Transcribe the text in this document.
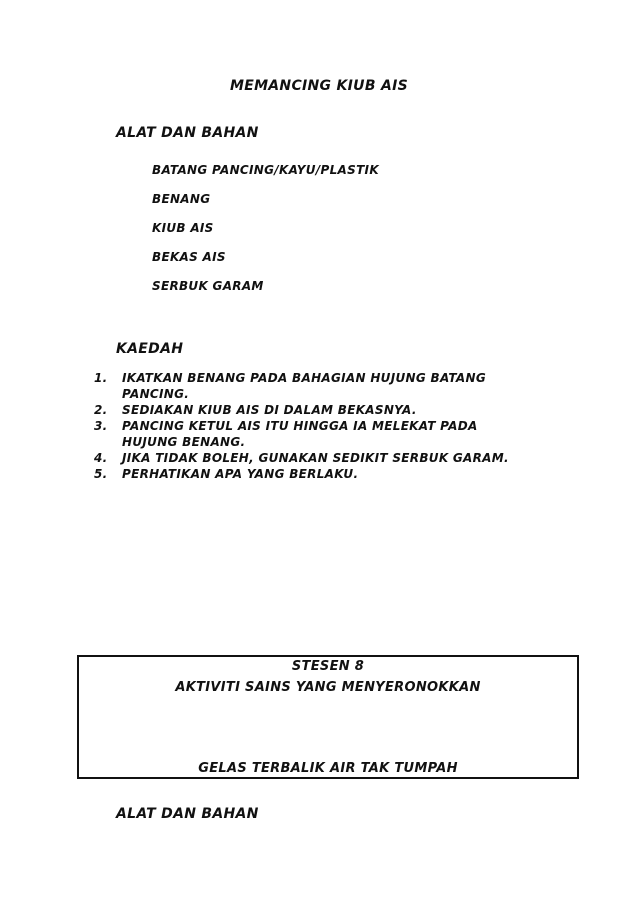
MEMANCING KIUB AIS
ALAT DAN BAHAN
BATANG PANCING/KAYU/PLASTIK
BENANG
KIUB AIS
BEKAS AIS
SERBUK GARAM
KAEDAH
1. IKATKAN BENANG PADA BAHAGIAN HUJUNG BATANG
PANCING.
2. SEDIAKAN KIUB AIS DI DALAM BEKASNYA.
3. PANCING KETUL AIS ITU HINGGA IA MELEKAT PADA
HUJUNG BENANG.
4. JIKA TIDAK BOLEH, GUNAKAN SEDIKIT SERBUK GARAM.
5. PERHATIKAN APA YANG BERLAKU.
STESEN 8
AKTIVITI SAINS YANG MENYERONOKKAN
GELAS TERBALIK AIR TAK TUMPAH
ALAT DAN BAHAN
